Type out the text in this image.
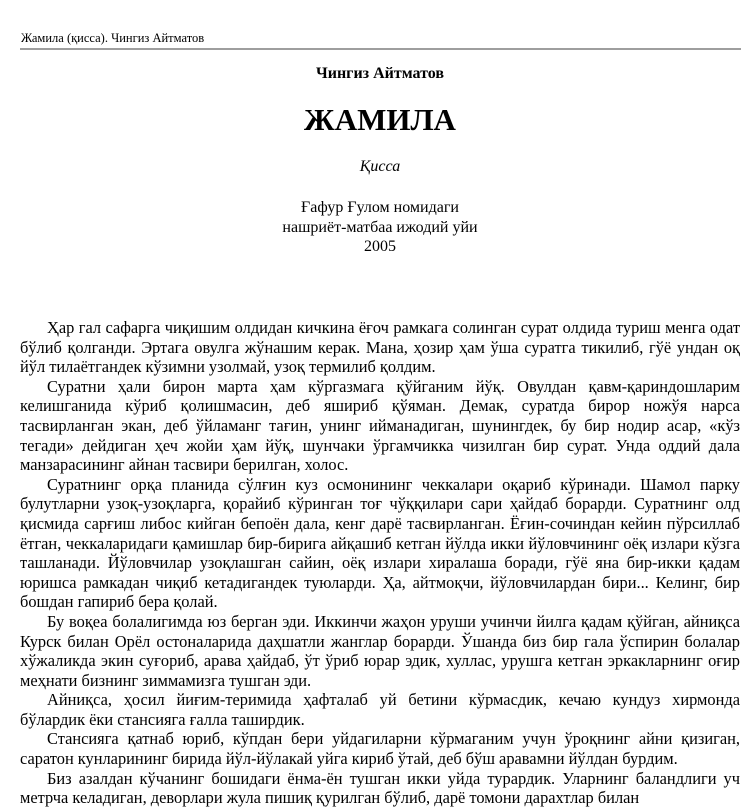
Жамила (қисса). Чингиз Айтматов
Чингиз Айтматов
ЖАМИЛА
Қисса
Ғафур Ғулом номидаги
нашриёт-матбаа ижодий уйи
2005

Ҳар гал сафарга чиқишим олдидан кичкина ёғоч рамкага солинган сурат олдида туриш менга одат бўлиб қолганди. Эртага овулга жўнашим керак. Мана, ҳозир ҳам ўша суратга тикилиб, гўё ундан оқ йўл тилаётгандек кўзимни узолмай, узоқ термилиб қолдим.

Суратни ҳали бирон марта ҳам кўргазмага қўйганим йўқ. Овулдан қавм-қариндошларим келишганида кўриб қолишмасин, деб яшириб қўяман. Демак, суратда бирор ножўя нарса тасвирланган экан, деб ўйламанг тағин, унинг ийманадиган, шунингдек, бу бир нодир асар, «кўз тегади» дейдиган ҳеч жойи ҳам йўқ, шунчаки ўргамчикка чизилган бир сурат. Унда оддий дала манзарасининг айнан тасвири берилган, холос.

Суратнинг орқа планида сўлғин куз осмонининг чеккалари оқариб кўринади. Шамол парку булутларни узоқ-узоқларга, қорайиб кўринган тоғ чўққилари сари ҳайдаб борарди. Суратнинг олд қисмида сарғиш либос кийган бепоён дала, кенг дарё тасвирланган. Ёғин-сочиндан кейин пўрсиллаб ётган, чеккаларидаги қамишлар бир-бирига айқашиб кетган йўлда икки йўловчининг оёқ излари кўзга ташланади. Йўловчилар узоқлашган сайин, оёқ излари хиралаша боради, гўё яна бир-икки қадам юришса рамкадан чиқиб кетадигандек туюларди. Ҳа, айтмоқчи, йўловчилардан бири... Келинг, бир бошдан гапириб бера қолай.

Бу воқеа болалигимда юз берган эди. Иккинчи жаҳон уруши учинчи йилга қадам қўйган, айниқса Курск билан Орёл остоналарида даҳшатли жанглар борарди. Ўшанда биз бир гала ўспирин болалар хўжаликда экин суғориб, арава ҳайдаб, ўт ўриб юрар эдик, хуллас, урушга кетган эркакларнинг оғир меҳнати бизнинг зиммамизга тушган эди.

Айниқса, ҳосил йиғим-теримида ҳафталаб уй бетини кўрмасдик, кечаю кундуз хирмонда бўлардик ёки стансияга ғалла таширдик.

Стансияга қатнаб юриб, кўпдан бери уйдагиларни кўрмаганим учун ўроқнинг айни қизиган, саратон кунларининг бирида йўл-йўлакай уйга кириб ўтай, деб бўш аравамни йўлдан бурдим.

Биз азалдан кўчанинг бошидаги ёнма-ён тушган икки уйда турардик. Уларнинг баландлиги уч метрча келадиган, деворлари жула пишиқ қурилган бўлиб, дарё томони дарахтлар билан
